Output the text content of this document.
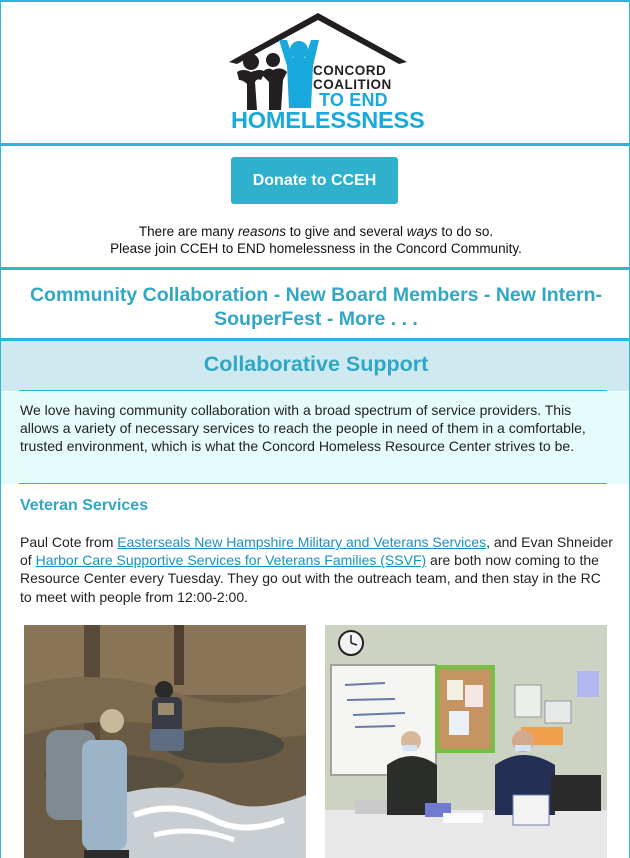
CONCORD
COALITION
TO END
HOMELESSNESS
Donate to CCEH
There are many reasons to give and several ways to do so.
Please join CCEH to END homelessness in the Concord Community.
Community Collaboration - New Board Members - New Intern-
SouperFest - More . . .
Collaborative Support
We love having community collaboration with a broad spectrum of service providers. This allows a variety of necessary services to reach the people in need of them in a comfortable, trusted environment, which is what the Concord Homeless Resource Center strives to be.
Veteran Services
Paul Cote from Easterseals New Hampshire Military and Veterans Services, and Evan Shneider of Harbor Care Supportive Services for Veterans Families (SSVF) are both now coming to the Resource Center every Tuesday. They go out with the outreach team, and then stay in the RC to meet with people from 12:00-2:00.
